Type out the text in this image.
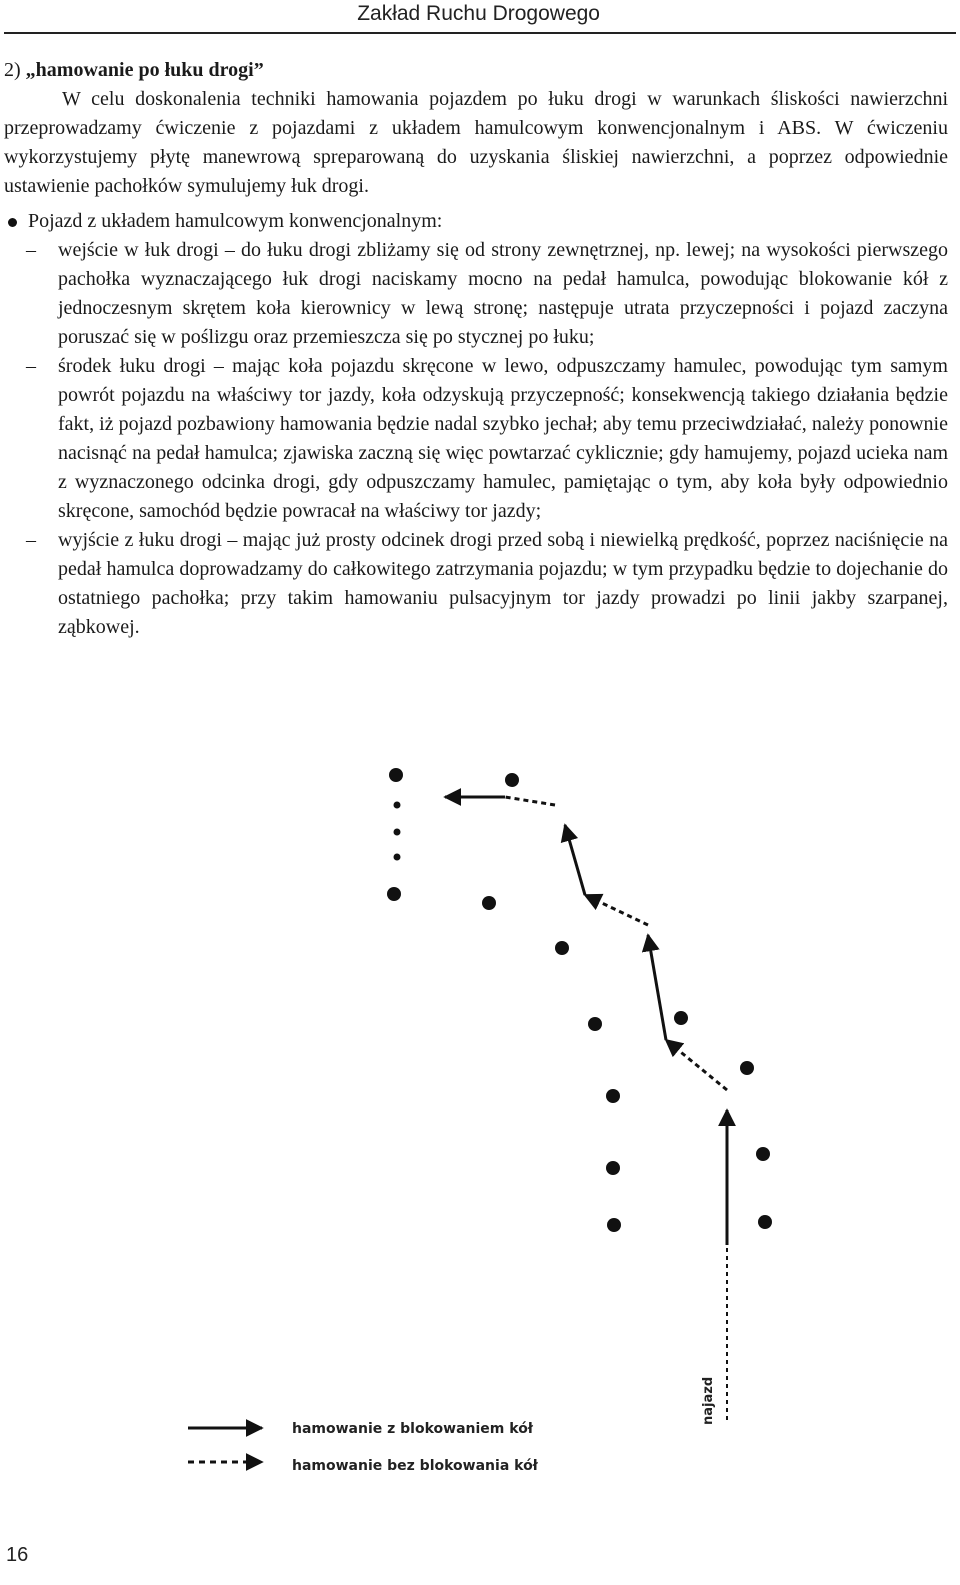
Zakład Ruchu Drogowego

2) „hamowanie po łuku drogi”

W celu doskonalenia techniki hamowania pojazdem po łuku drogi w warunkach śliskości nawierzchni przeprowadzamy ćwiczenie z pojazdami z układem hamulcowym konwencjonalnym i ABS. W ćwiczeniu wykorzystujemy płytę manewrową spreparowaną do uzyskania śliskiej nawierzchni, a poprzez odpowiednie ustawienie pachołków symulujemy łuk drogi.

Pojazd z układem hamulcowym konwencjonalnym:

– wejście w łuk drogi – do łuku drogi zbliżamy się od strony zewnętrznej, np. lewej; na wysokości pierwszego pachołka wyznaczającego łuk drogi naciskamy mocno na pedał hamulca, powodując blokowanie kół z jednoczesnym skrętem koła kierownicy w lewą stronę; następuje utrata przyczepności i pojazd zaczyna poruszać się w poślizgu oraz przemieszcza się po stycznej po łuku;

– środek łuku drogi – mając koła pojazdu skręcone w lewo, odpuszczamy hamulec, powodując tym samym powrót pojazdu na właściwy tor jazdy, koła odzyskują przyczepność; konsekwencją takiego działania będzie fakt, iż pojazd pozbawiony hamowania będzie nadal szybko jechał; aby temu przeciwdziałać, należy ponownie nacisnąć na pedał hamulca; zjawiska zaczną się więc powtarzać cyklicznie; gdy hamujemy, pojazd ucieka nam z wyznaczonego odcinka drogi, gdy odpuszczamy hamulec, pamiętając o tym, aby koła były odpowiednio skręcone, samochód będzie powracał na właściwy tor jazdy;

– wyjście z łuku drogi – mając już prosty odcinek drogi przed sobą i niewielką prędkość, poprzez naciśnięcie na pedał hamulca doprowadzamy do całkowitego zatrzymania pojazdu; w tym przypadku będzie to dojechanie do ostatniego pachołka; przy takim hamowaniu pulsacyjnym tor jazdy prowadzi po linii jakby szarpanej, ząbkowej.

najazd
hamowanie z blokowaniem kół
hamowanie bez blokowania kół
16
